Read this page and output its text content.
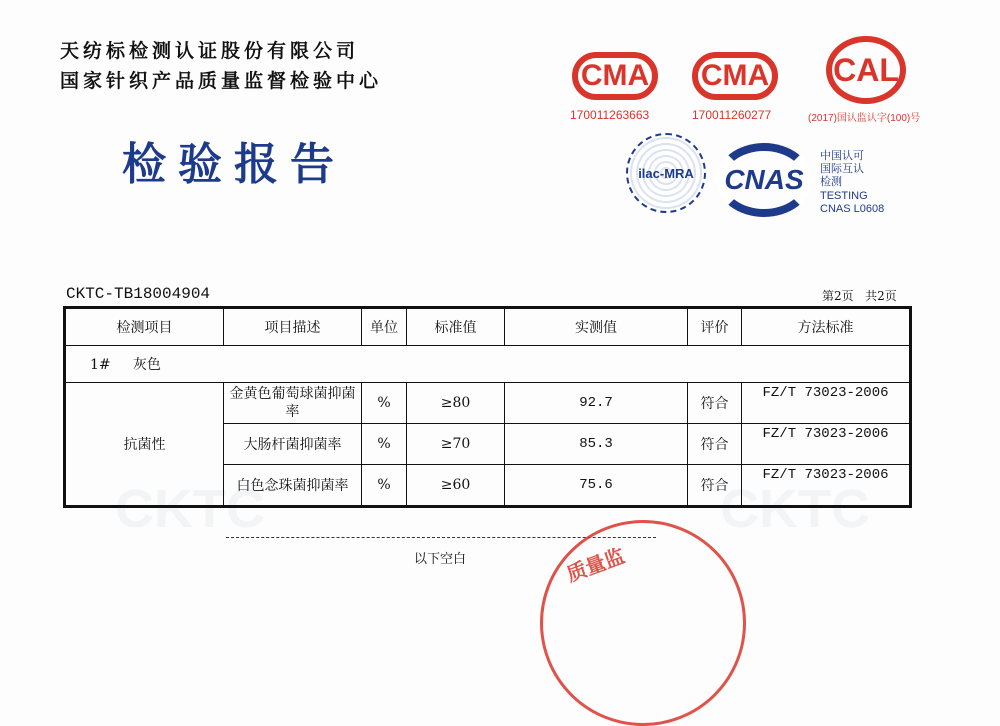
天纺标检测认证股份有限公司
国家针织产品质量监督检验中心
检验报告
CMA
170011263663
CMA
170011260277
CAL
(2017)国认监认字(100)号
ilac-MRA	CNAS
中国认可
国际互认
检测
TESTING
CNAS L0608
CKTC-TB18004904	第2页 共2页
CKTC	CKTC
检测项目	项目描述	单位	标准值	实测值	评价	方法标准
1# 灰色						
抗菌性	金黄色葡萄球菌抑菌率	%	≥80	92.7	符合	FZ/T 73023-2006
	大肠杆菌抑菌率	%	≥70	85.3	符合	FZ/T 73023-2006
	白色念珠菌抑菌率	%	≥60	75.6	符合	FZ/T 73023-2006
以下空白	质量监
